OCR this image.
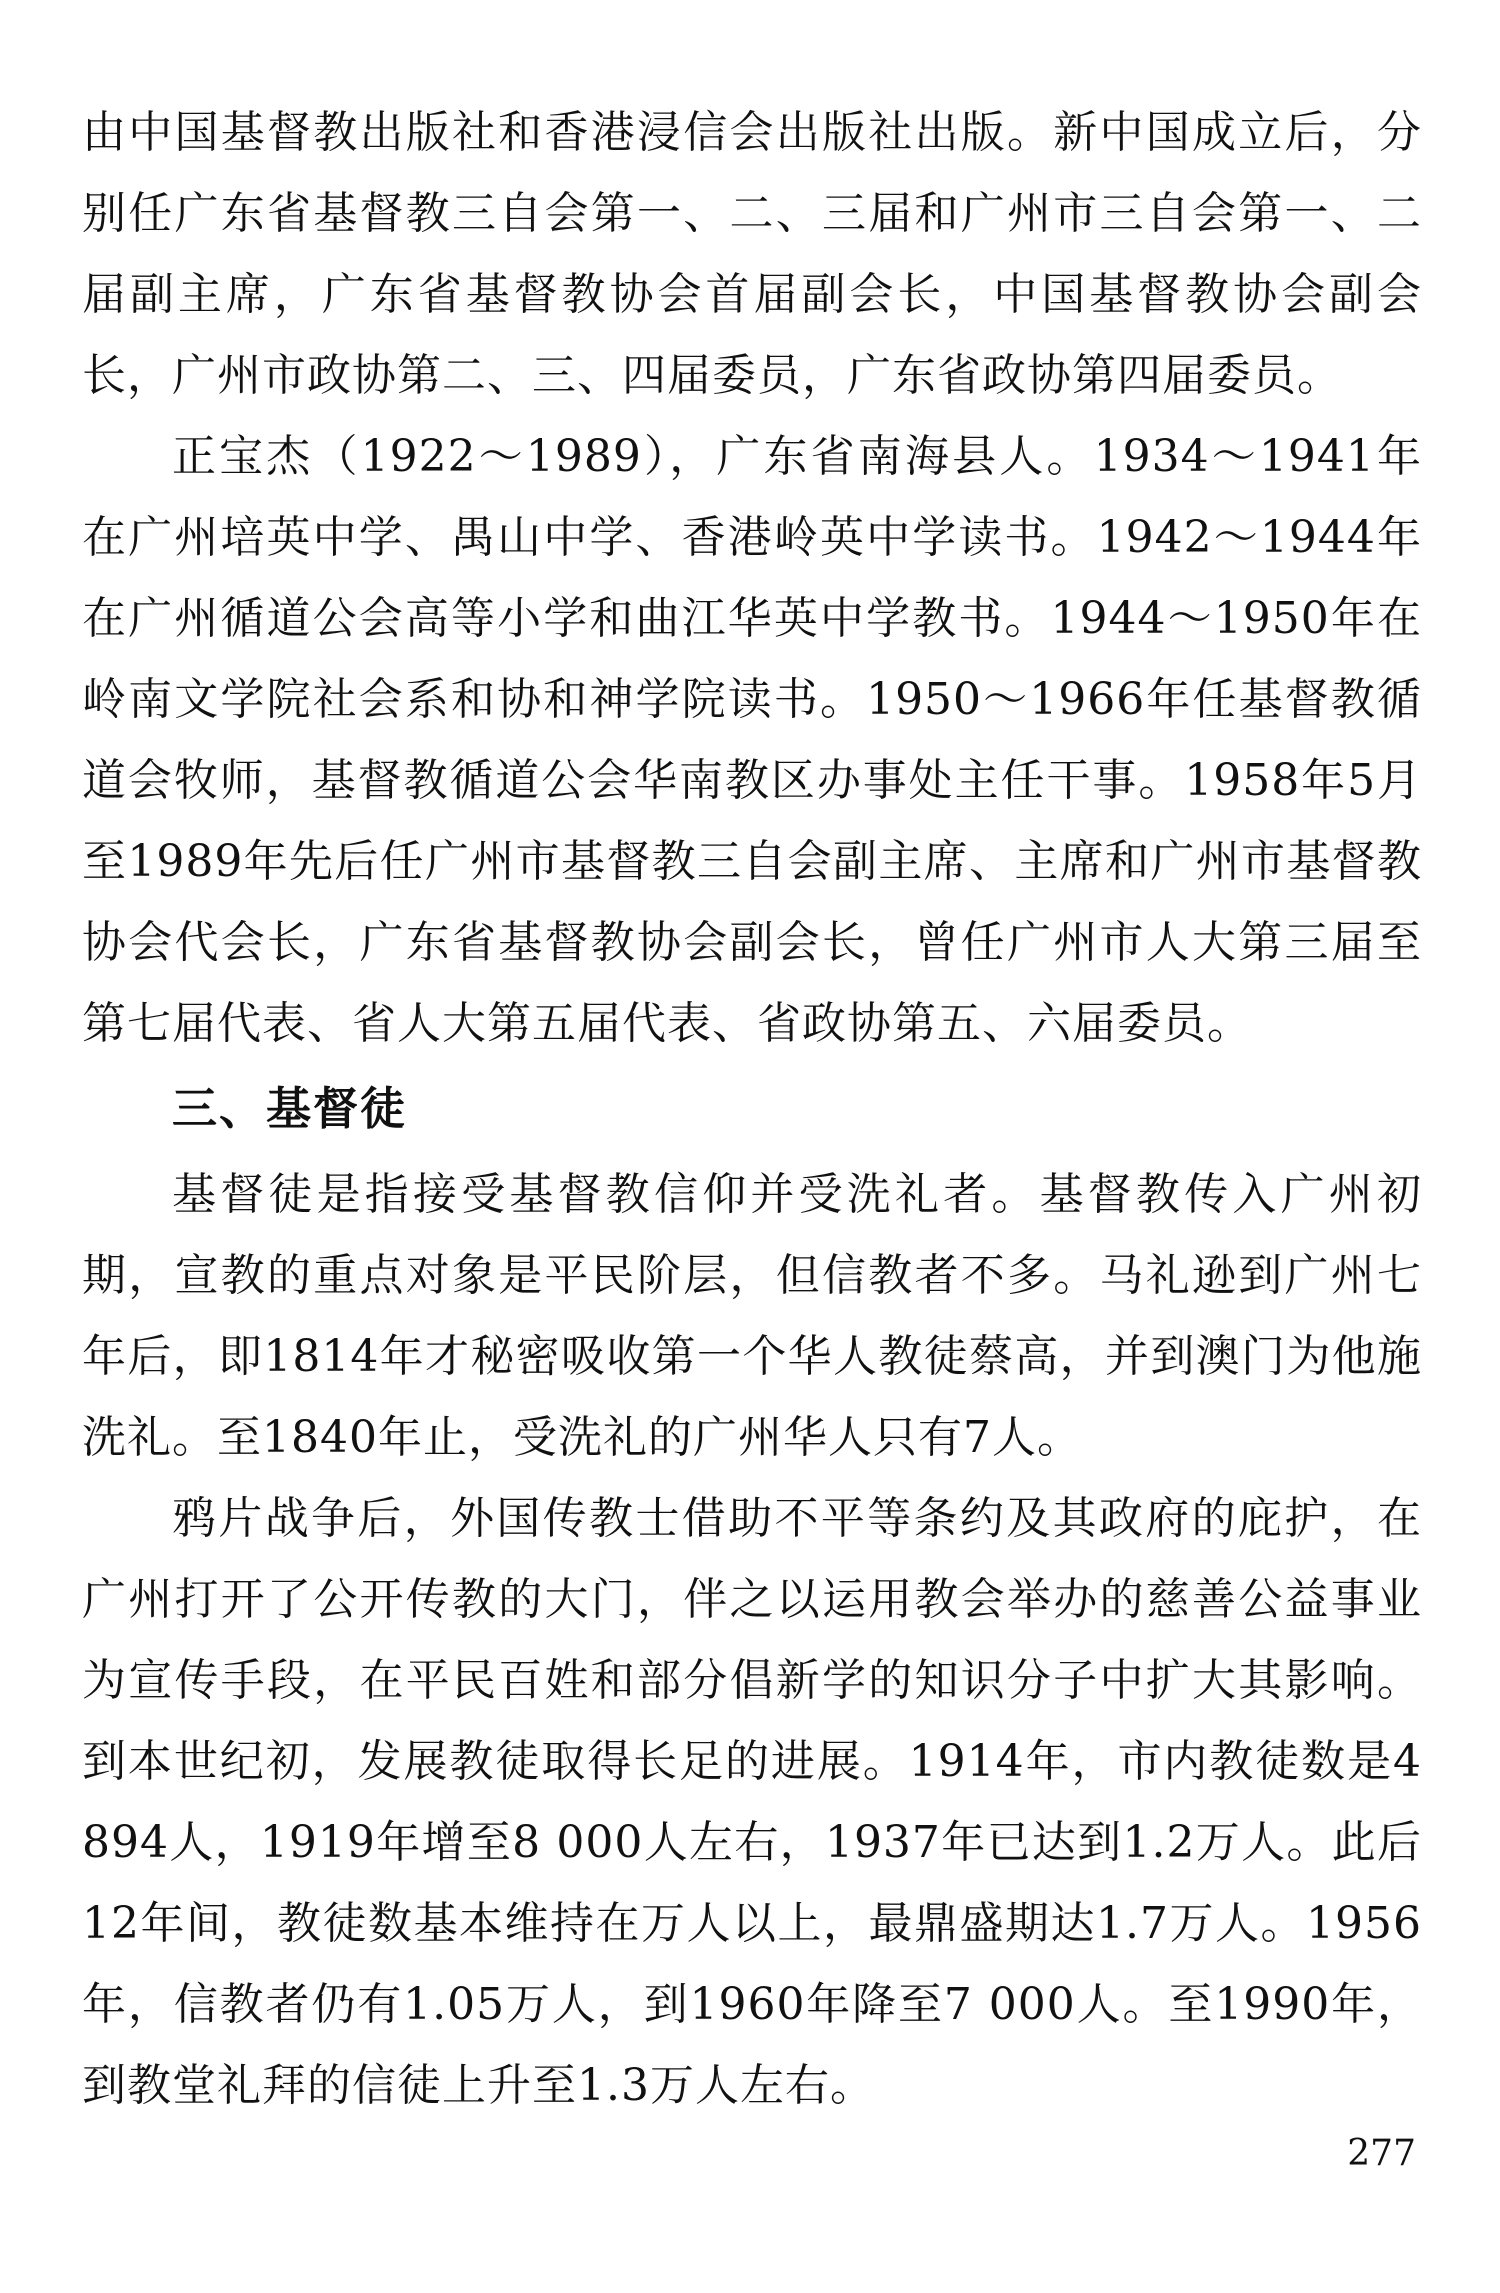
由中国基督教出版社和香港浸信会出版社出版。新中国成立后，分别任广东省基督教三自会第一、二、三届和广州市三自会第一、二届副主席，广东省基督教协会首届副会长，中国基督教协会副会长，广州市政协第二、三、四届委员，广东省政协第四届委员。

正宝杰（1922～1989），广东省南海县人。1934～1941年在广州培英中学、禺山中学、香港岭英中学读书。1942～1944年在广州循道公会高等小学和曲江华英中学教书。1944～1950年在岭南文学院社会系和协和神学院读书。1950～1966年任基督教循道会牧师，基督教循道公会华南教区办事处主任干事。1958年5月至1989年先后任广州市基督教三自会副主席、主席和广州市基督教协会代会长，广东省基督教协会副会长，曾任广州市人大第三届至第七届代表、省人大第五届代表、省政协第五、六届委员。

三、基督徒

基督徒是指接受基督教信仰并受洗礼者。基督教传入广州初期，宣教的重点对象是平民阶层，但信教者不多。马礼逊到广州七年后，即1814年才秘密吸收第一个华人教徒蔡高，并到澳门为他施洗礼。至1840年止，受洗礼的广州华人只有7人。

鸦片战争后，外国传教士借助不平等条约及其政府的庇护，在广州打开了公开传教的大门，伴之以运用教会举办的慈善公益事业为宣传手段，在平民百姓和部分倡新学的知识分子中扩大其影响。到本世纪初，发展教徒取得长足的进展。1914年，市内教徒数是4 894人，1919年增至8 000人左右，1937年已达到1.2万人。此后12年间，教徒数基本维持在万人以上，最鼎盛期达1.7万人。1956年，信教者仍有1.05万人，到1960年降至7 000人。至1990年，到教堂礼拜的信徒上升至1.3万人左右。

277
